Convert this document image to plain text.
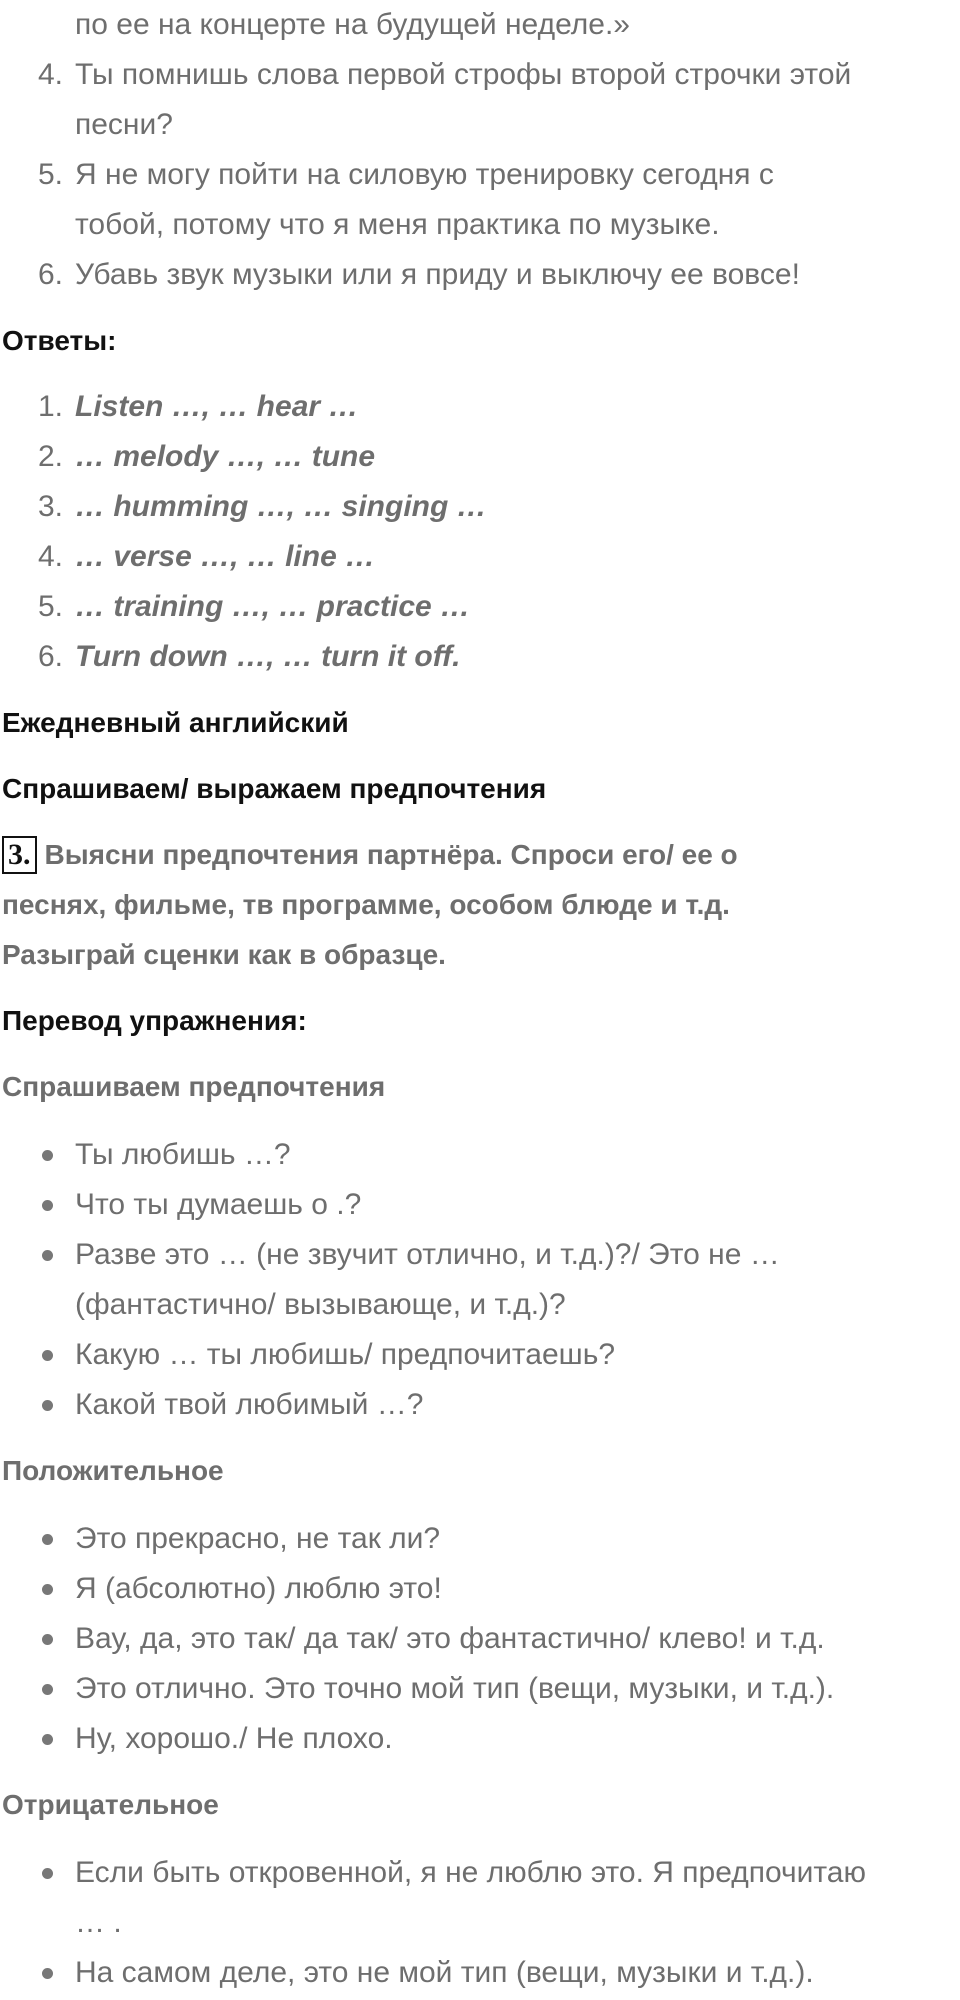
по ее на концерте на будущей неделе.»

4. Ты помнишь слова первой строфы второй строчки этой
песни?
5. Я не могу пойти на силовую тренировку сегодня с
тобой, потому что я меня практика по музыке.
6. Убавь звук музыки или я приду и выключу ее вовсе!

Ответы:

1. Listen …, … hear …
2. … melody …, … tune
3. … humming …, … singing …
4. … verse …, … line …
5. … training …, … practice …
6. Turn down …, … turn it off.

Ежедневный английский

Спрашиваем/ выражаем предпочтения

3. Выясни предпочтения партнёра. Спроси его/ ее о

песнях, фильме, тв программе, особом блюде и т.д.

Разыграй сценки как в образце.

Перевод упражнения:

Спрашиваем предпочтения

Ты любишь …?
Что ты думаешь о .?
Разве это … (не звучит отлично, и т.д.)?/ Это не …
(фантастично/ вызывающе, и т.д.)?
Какую … ты любишь/ предпочитаешь?
Какой твой любимый …?

Положительное

Это прекрасно, не так ли?
Я (абсолютно) люблю это!
Вау, да, это так/ да так/ это фантастично/ клево! и т.д.
Это отлично. Это точно мой тип (вещи, музыки, и т.д.).
Ну, хорошо./ Не плохо.

Отрицательное

Если быть откровенной, я не люблю это. Я предпочитаю
… .
На самом деле, это не мой тип (вещи, музыки и т.д.).
